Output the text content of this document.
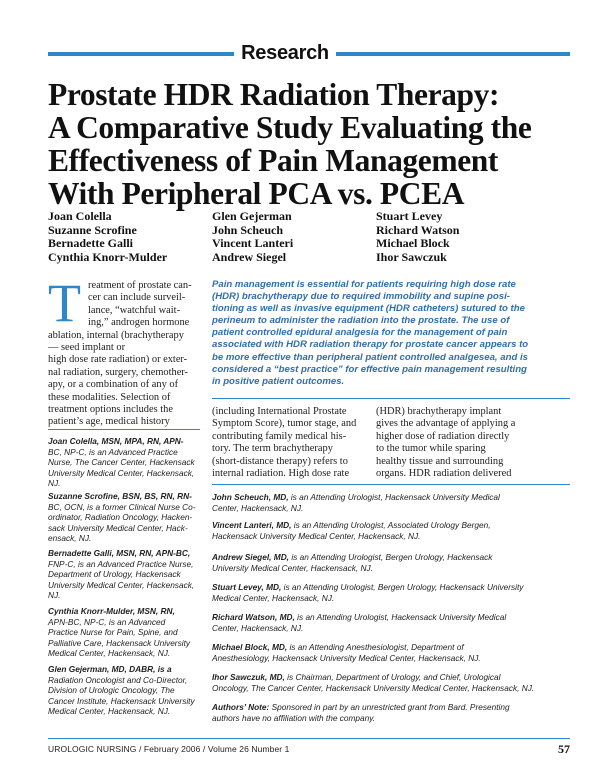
Research
Prostate HDR Radiation Therapy:
A Comparative Study Evaluating the
Effectiveness of Pain Management
With Peripheral PCA vs. PCEA
Joan Colella
Suzanne Scrofine
Bernadette Galli
Cynthia Knorr-Mulder
Glen Gejerman
John Scheuch
Vincent Lanteri
Andrew Siegel
Stuart Levey
Richard Watson
Michael Block
Ihor Sawczuk
T reatment of prostate can-
cer can include surveil-
lance, “watchful wait-
ing,” androgen hormone
ablation, internal (brachytherapy
— seed implant or
high dose rate radiation) or exter-
nal radiation, surgery, chemother-
apy, or a combination of any of
these modalities. Selection of
treatment options includes the
patient’s age, medical history
Pain management is essential for patients requiring high dose rate
(HDR) brachytherapy due to required immobility and supine posi-
tioning as well as invasive equipment (HDR catheters) sutured to the
perineum to administer the radiation into the prostate. The use of
patient controlled epidural analgesia for the management of pain
associated with HDR radiation therapy for prostate cancer appears to
be more effective than peripheral patient controlled analgesea, and is
considered a “best practice” for effective pain management resulting
in positive patient outcomes.
(including International Prostate
Symptom Score), tumor stage, and
contributing family medical his-
tory. The term brachytherapy
(short-distance therapy) refers to
internal radiation. High dose rate
(HDR) brachytherapy implant
gives the advantage of applying a
higher dose of radiation directly
to the tumor while sparing
healthy tissue and surrounding
organs. HDR radiation delivered
Joan Colella, MSN, MPA, RN, APN-
BC, NP-C, is an Advanced Practice
Nurse, The Cancer Center, Hackensack
University Medical Center, Hackensack,
NJ.
Suzanne Scrofine, BSN, BS, RN, RN-
BC, OCN, is a former Clinical Nurse Co-
ordinator, Radiation Oncology, Hacken-
sack University Medical Center, Hack-
ensack, NJ.
Bernadette Galli, MSN, RN, APN-BC,
FNP-C, is an Advanced Practice Nurse,
Department of Urology, Hackensack
University Medical Center, Hackensack,
NJ.
Cynthia Knorr-Mulder, MSN, RN,
APN-BC, NP-C, is an Advanced
Practice Nurse for Pain, Spine, and
Palliative Care, Hackensack University
Medical Center, Hackensack, NJ.
Glen Gejerman, MD, DABR, is a
Radiation Oncologist and Co-Director,
Division of Urologic Oncology, The
Cancer Institute, Hackensack University
Medical Center, Hackensack, NJ.
John Scheuch, MD, is an Attending Urologist, Hackensack University Medical
Center, Hackensack, NJ.
Vincent Lanteri, MD, is an Attending Urologist, Associated Urology Bergen,
Hackensack University Medical Center, Hackensack, NJ.
Andrew Siegel, MD, is an Attending Urologist, Bergen Urology, Hackensack
University Medical Center, Hackensack, NJ.
Stuart Levey, MD, is an Attending Urologist, Bergen Urology, Hackensack University
Medical Center, Hackensack, NJ.
Richard Watson, MD, is an Attending Urologist, Hackensack University Medical
Center, Hackensack, NJ.
Michael Block, MD, is an Attending Anesthesiologist, Department of
Anesthesiology, Hackensack University Medical Center, Hackensack, NJ.
Ihor Sawczuk, MD, is Chairman, Department of Urology, and Chief, Urological
Oncology, The Cancer Center, Hackensack University Medical Center, Hackensack, NJ.
Authors’ Note: Sponsored in part by an unrestricted grant from Bard. Presenting
authors have no affiliation with the company.
UROLOGIC NURSING / February 2006 / Volume 26 Number 1	57
